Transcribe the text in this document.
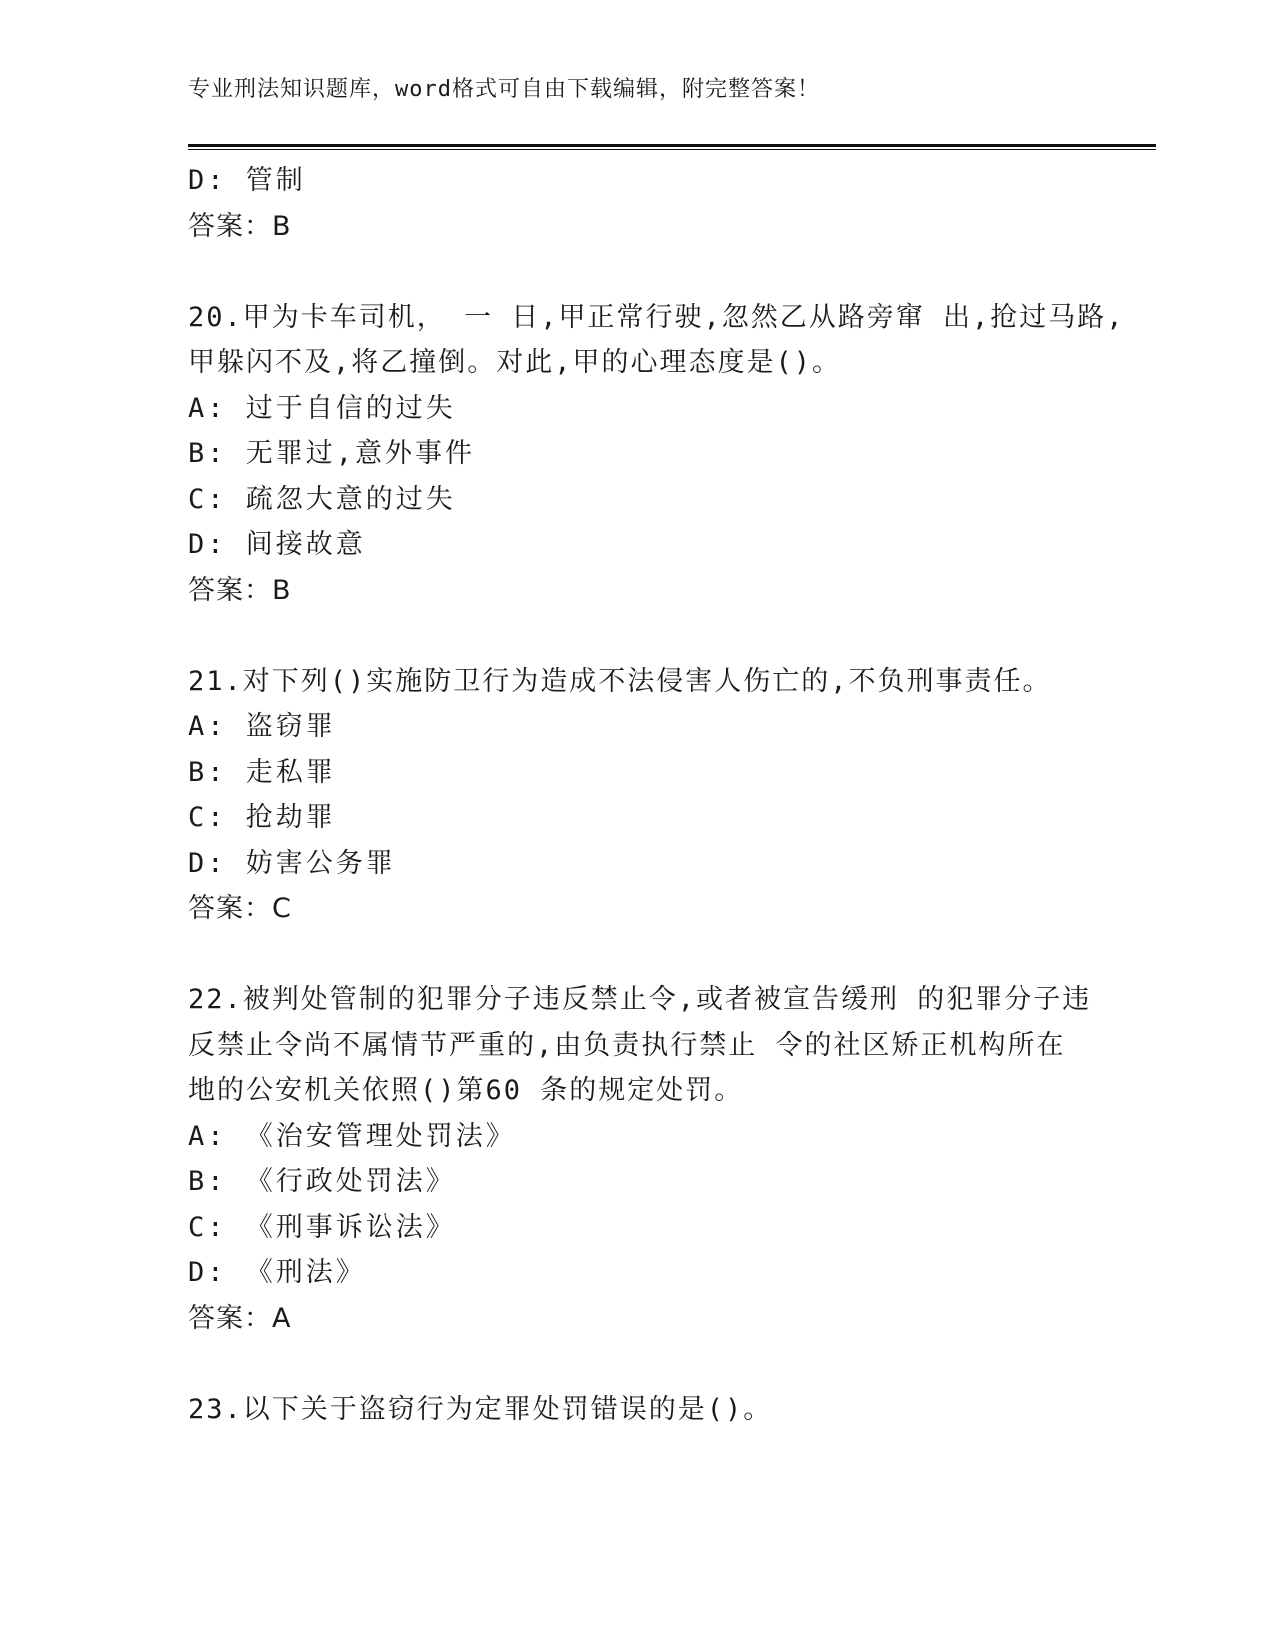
专业刑法知识题库，word格式可自由下载编辑，附完整答案！
D: 管制
答案：B
20.甲为卡车司机， 一 日,甲正常行驶,忽然乙从路旁窜 出,抢过马路,
甲躲闪不及,将乙撞倒。对此,甲的心理态度是()。
A: 过于自信的过失
B: 无罪过,意外事件
C: 疏忽大意的过失
D: 间接故意
答案：B
21.对下列()实施防卫行为造成不法侵害人伤亡的,不负刑事责任。
A: 盗窃罪
B: 走私罪
C: 抢劫罪
D: 妨害公务罪
答案：C
22.被判处管制的犯罪分子违反禁止令,或者被宣告缓刑 的犯罪分子违
反禁止令尚不属情节严重的,由负责执行禁止 令的社区矫正机构所在
地的公安机关依照()第60 条的规定处罚。
A: 《治安管理处罚法》
B: 《行政处罚法》
C: 《刑事诉讼法》
D: 《刑法》
答案：A
23.以下关于盗窃行为定罪处罚错误的是()。
